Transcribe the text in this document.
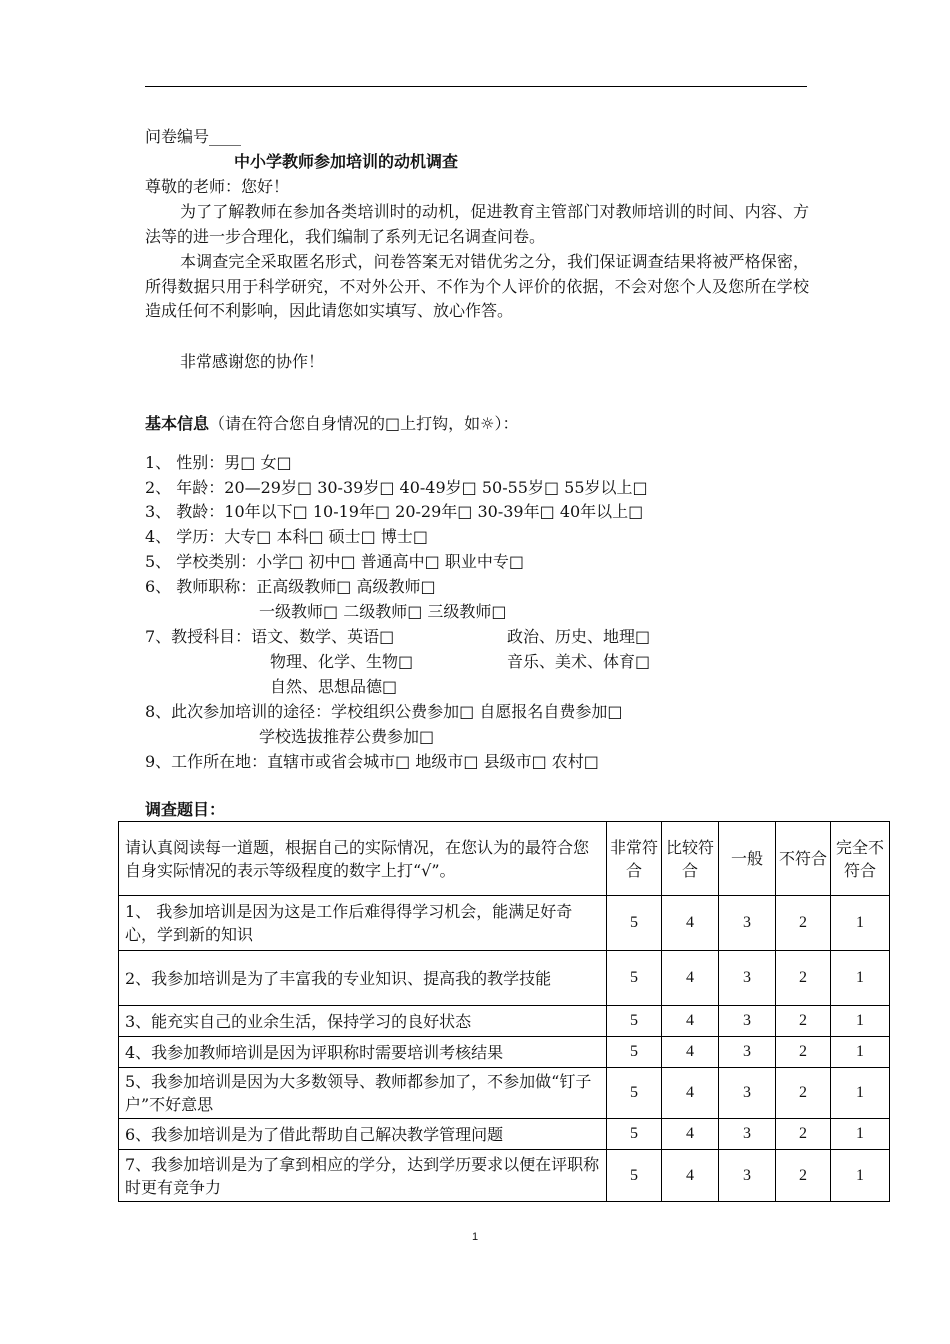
问卷编号____
中小学教师参加培训的动机调查
尊敬的老师：您好！
为了了解教师在参加各类培训时的动机，促进教育主管部门对教师培训的时间、内容、方法等的进一步合理化，我们编制了系列无记名调查问卷。
本调查完全采取匿名形式，问卷答案无对错优劣之分，我们保证调查结果将被严格保密，所得数据只用于科学研究，不对外公开、不作为个人评价的依据，不会对您个人及您所在学校造成任何不利影响，因此请您如实填写、放心作答。
非常感谢您的协作！
基本信息（请在符合您自身情况的□上打钩，如☼）：
1、 性别：男□ 女□
2、 年龄：20—29岁□ 30-39岁□ 40-49岁□ 50-55岁□ 55岁以上□
3、 教龄：10年以下□ 10-19年□ 20-29年□ 30-39年□ 40年以上□
4、 学历：大专□ 本科□ 硕士□ 博士□
5、 学校类别：小学□ 初中□ 普通高中□ 职业中专□
6、 教师职称：正高级教师□ 高级教师□
一级教师□ 二级教师□ 三级教师□
7、教授科目：语文、数学、英语□	政治、历史、地理□
物理、化学、生物□	音乐、美术、体育□
自然、思想品德□
8、此次参加培训的途径：学校组织公费参加□ 自愿报名自费参加□
学校选拔推荐公费参加□
9、工作所在地：直辖市或省会城市□ 地级市□ 县级市□ 农村□
调查题目：
请认真阅读每一道题，根据自己的实际情况，在您认为的最符合您自身实际情况的表示等级程度的数字上打“√”。	非常符合	比较符合	一般	不符合	完全不符合
1、 我参加培训是因为这是工作后难得得学习机会，能满足好奇心，学到新的知识	5	4	3	2	1
2、我参加培训是为了丰富我的专业知识、提高我的教学技能	5	4	3	2	1
3、能充实自己的业余生活，保持学习的良好状态	5	4	3	2	1
4、我参加教师培训是因为评职称时需要培训考核结果	5	4	3	2	1
5、我参加培训是因为大多数领导、教师都参加了，不参加做“钉子户”不好意思	5	4	3	2	1
6、我参加培训是为了借此帮助自己解决教学管理问题	5	4	3	2	1
7、我参加培训是为了拿到相应的学分，达到学历要求以便在评职称时更有竞争力	5	4	3	2	1
1
